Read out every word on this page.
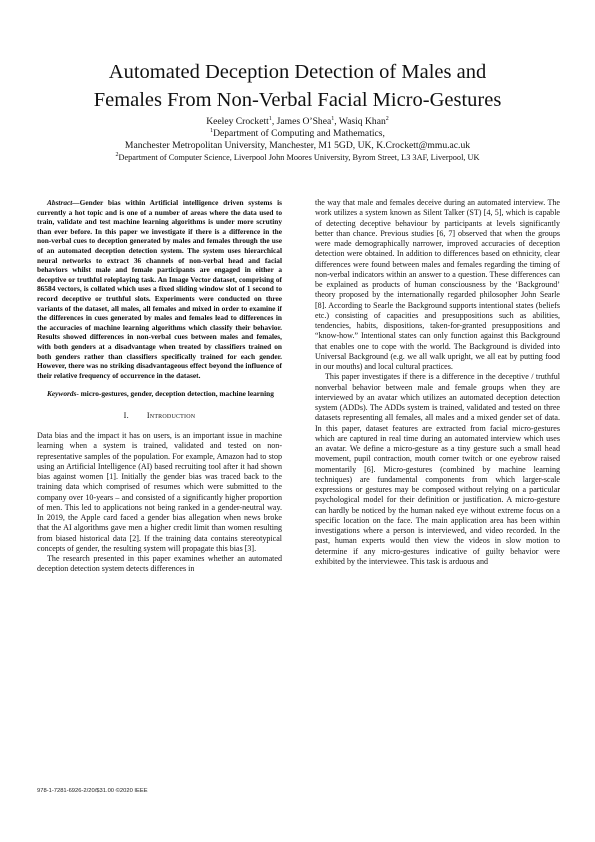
Automated Deception Detection of Males and
Females From Non-Verbal Facial Micro-Gestures
Keeley Crockett$^1$, James O’Shea$^1$, Wasiq Khan$^2$
$^1$Department of Computing and Mathematics,
Manchester Metropolitan University, Manchester, M1 5GD, UK, K.Crockett@mmu.ac.uk
$^2$Department of Computer Science, Liverpool John Moores University, Byrom Street, L3 3AF, Liverpool, UK

Abstract—Gender bias within Artificial intelligence driven systems is currently a hot topic and is one of a number of areas where the data used to train, validate and test machine learning algorithms is under more scrutiny than ever before. In this paper we investigate if there is a difference in the non-verbal cues to deception generated by males and females through the use of an automated deception detection system. The system uses hierarchical neural networks to extract 36 channels of non-verbal head and facial behaviors whilst male and female participants are engaged in either a deceptive or truthful roleplaying task. An Image Vector dataset, comprising of 86584 vectors, is collated which uses a fixed sliding window slot of 1 second to record deceptive or truthful slots. Experiments were conducted on three variants of the dataset, all males, all females and mixed in order to examine if the differences in cues generated by males and females lead to differences in the accuracies of machine learning algorithms which classify their behavior. Results showed differences in non-verbal cues between males and females, with both genders at a disadvantage when treated by classifiers trained on both genders rather than classifiers specifically trained for each gender. However, there was no striking disadvantageous effect beyond the influence of their relative frequency of occurrence in the dataset.

Keywords- micro-gestures, gender, deception detection, machine learning

I. Introduction

Data bias and the impact it has on users, is an important issue in machine learning when a system is trained, validated and tested on non-representative samples of the population. For example, Amazon had to stop using an Artificial Intelligence (AI) based recruiting tool after it had shown bias against women [1]. Initially the gender bias was traced back to the training data which comprised of resumes which were submitted to the company over 10-years – and consisted of a significantly higher proportion of men. This led to applications not being ranked in a gender-neutral way. In 2019, the Apple card faced a gender bias allegation when news broke that the AI algorithms gave men a higher credit limit than women resulting from biased historical data [2]. If the training data contains stereotypical concepts of gender, the resulting system will propagate this bias [3].

The research presented in this paper examines whether an automated deception detection system detects differences in

the way that male and females deceive during an automated interview. The work utilizes a system known as Silent Talker (ST) [4, 5], which is capable of detecting deceptive behaviour by participants at levels significantly better than chance. Previous studies [6, 7] observed that when the groups were made demographically narrower, improved accuracies of deception detection were obtained. In addition to differences based on ethnicity, clear differences were found between males and females regarding the timing of non-verbal indicators within an answer to a question. These differences can be explained as products of human consciousness by the ‘Background’ theory proposed by the internationally regarded philosopher John Searle [8]. According to Searle the Background supports intentional states (beliefs etc.) consisting of capacities and presuppositions such as abilities, tendencies, habits, dispositions, taken-for-granted presuppositions and “know-how.” Intentional states can only function against this Background that enables one to cope with the world. The Background is divided into Universal Background (e.g. we all walk upright, we all eat by putting food in our mouths) and local cultural practices.

This paper investigates if there is a difference in the deceptive / truthful nonverbal behavior between male and female groups when they are interviewed by an avatar which utilizes an automated deception detection system (ADDs). The ADDs system is trained, validated and tested on three datasets representing all females, all males and a mixed gender set of data. In this paper, dataset features are extracted from facial micro-gestures which are captured in real time during an automated interview which uses an avatar. We define a micro-gesture as a tiny gesture such a small head movement, pupil contraction, mouth corner twitch or one eyebrow raised momentarily [6]. Micro-gestures (combined by machine learning techniques) are fundamental components from which larger-scale expressions or gestures may be composed without relying on a particular psychological model for their definition or justification. A micro-gesture can hardly be noticed by the human naked eye without extreme focus on a specific location on the face. The main application area has been within investigations where a person is interviewed, and video recorded. In the past, human experts would then view the videos in slow motion to determine if any micro-gestures indicative of guilty behavior were exhibited by the interviewee. This task is arduous and

978-1-7281-6926-2/20/$31.00 ©2020 IEEE
